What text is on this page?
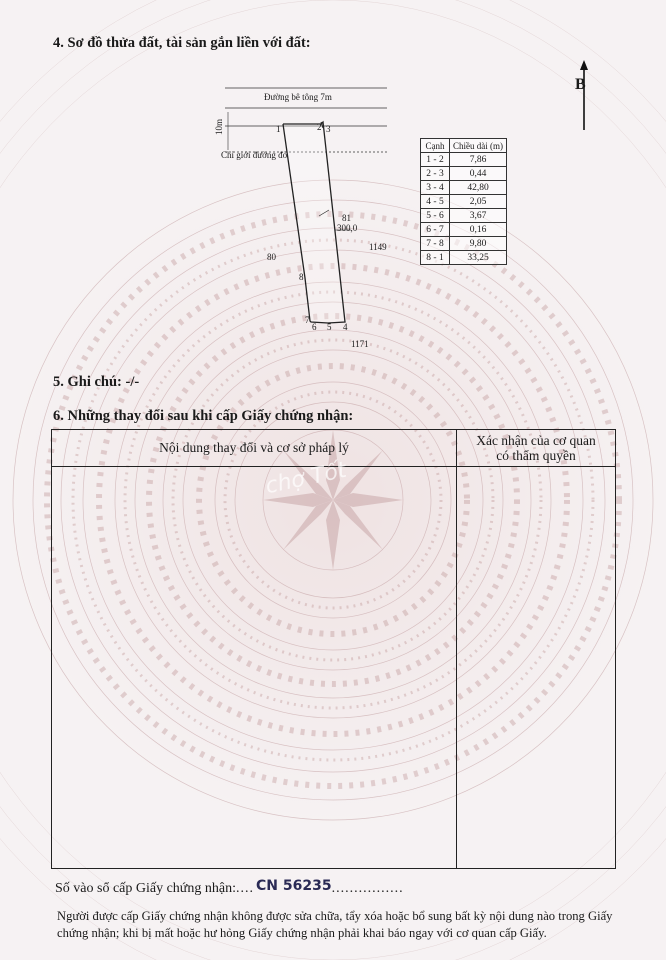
4. Sơ đồ thửa đất, tài sản gắn liền với đất:
B
Đường bê tông 7m
10m
Chỉ giới đường đỏ
81
300,0
80
1149
1171
1	2 3
4
5
6
7
8
Cạnh	Chiều dài (m)
1 - 2	7,86
2 - 3	0,44
3 - 4	42,80
4 - 5	2,05
5 - 6	3,67
6 - 7	0,16
7 - 8	9,80
8 - 1	33,25
5. Ghi chú: -/-
6. Những thay đổi sau khi cấp Giấy chứng nhận:
Nội dung thay đổi và cơ sở pháp lý	Xác nhận của cơ quan
có thẩm quyền

chợ Tốt
Số vào sổ cấp Giấy chứng nhận:.... CN 56235................
Người được cấp Giấy chứng nhận không được sửa chữa, tẩy xóa hoặc bổ sung bất kỳ nội dung nào trong Giấy chứng nhận; khi bị mất hoặc hư hỏng Giấy chứng nhận phải khai báo ngay với cơ quan cấp Giấy.
